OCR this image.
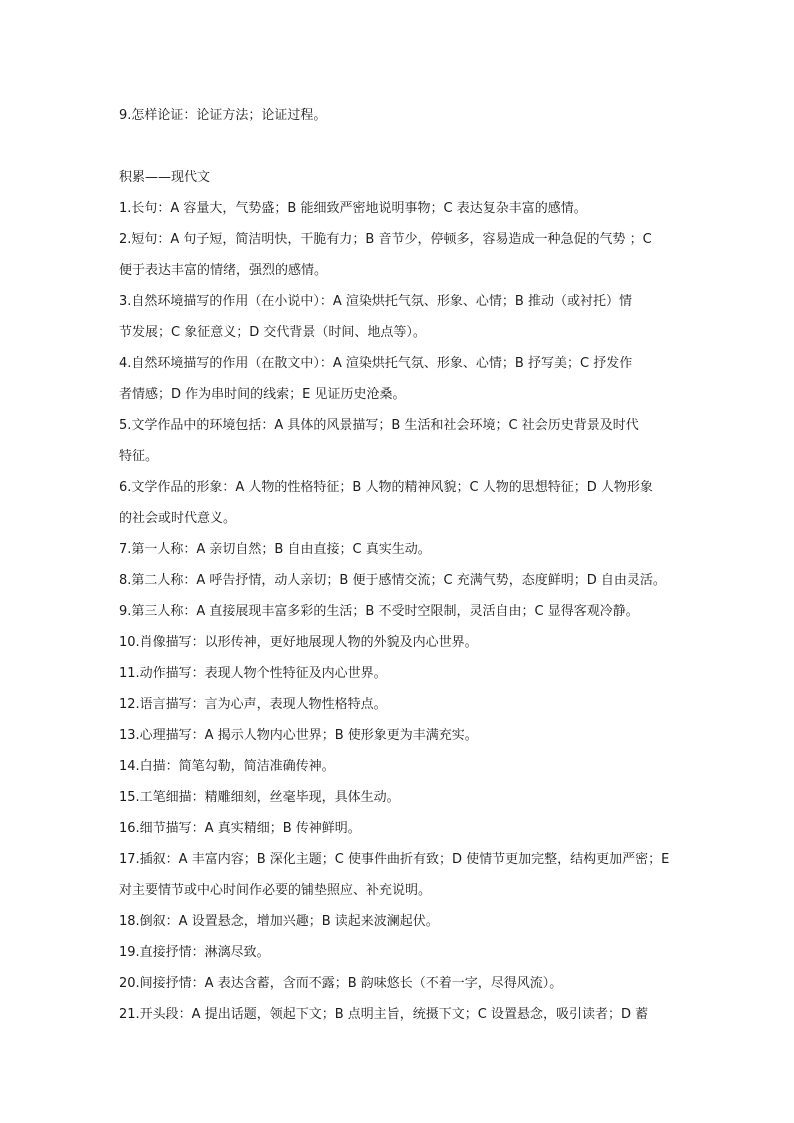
9.怎样论证：论证方法；论证过程。
积累——现代文
1.长句：A 容量大，气势盛；B 能细致严密地说明事物；C 表达复杂丰富的感情。
2.短句：A 句子短，简洁明快，干脆有力；B 音节少，停顿多，容易造成一种急促的气势 ；C
便于表达丰富的情绪，强烈的感情。
3.自然环境描写的作用（在小说中）：A 渲染烘托气氛、形象、心情；B 推动（或衬托）情
节发展；C 象征意义；D 交代背景（时间、地点等）。
4.自然环境描写的作用（在散文中）：A 渲染烘托气氛、形象、心情；B 抒写美；C 抒发作
者情感；D 作为串时间的线索；E 见证历史沧桑。
5.文学作品中的环境包括：A 具体的风景描写；B 生活和社会环境；C 社会历史背景及时代
特征。
6.文学作品的形象：A 人物的性格特征；B 人物的精神风貌；C 人物的思想特征；D 人物形象
的社会或时代意义。
7.第一人称：A 亲切自然；B 自由直接；C 真实生动。
8.第二人称：A 呼告抒情，动人亲切；B 便于感情交流；C 充满气势，态度鲜明；D 自由灵活。
9.第三人称：A 直接展现丰富多彩的生活；B 不受时空限制，灵活自由；C 显得客观冷静。
10.肖像描写：以形传神，更好地展现人物的外貌及内心世界。
11.动作描写：表现人物个性特征及内心世界。
12.语言描写：言为心声，表现人物性格特点。
13.心理描写：A 揭示人物内心世界；B 使形象更为丰满充实。
14.白描：简笔勾勒，简洁准确传神。
15.工笔细描：精雕细刻，丝毫毕现，具体生动。
16.细节描写：A 真实精细；B 传神鲜明。
17.插叙：A 丰富内容；B 深化主题；C 使事件曲折有致；D 使情节更加完整，结构更加严密；E
对主要情节或中心时间作必要的铺垫照应、补充说明。
18.倒叙：A 设置悬念，增加兴趣；B 读起来波澜起伏。
19.直接抒情：淋漓尽致。
20.间接抒情：A 表达含蓄，含而不露；B 韵味悠长（不着一字，尽得风流）。
21.开头段：A 提出话题，领起下文；B 点明主旨，统摄下文；C 设置悬念，吸引读者；D 蓄
